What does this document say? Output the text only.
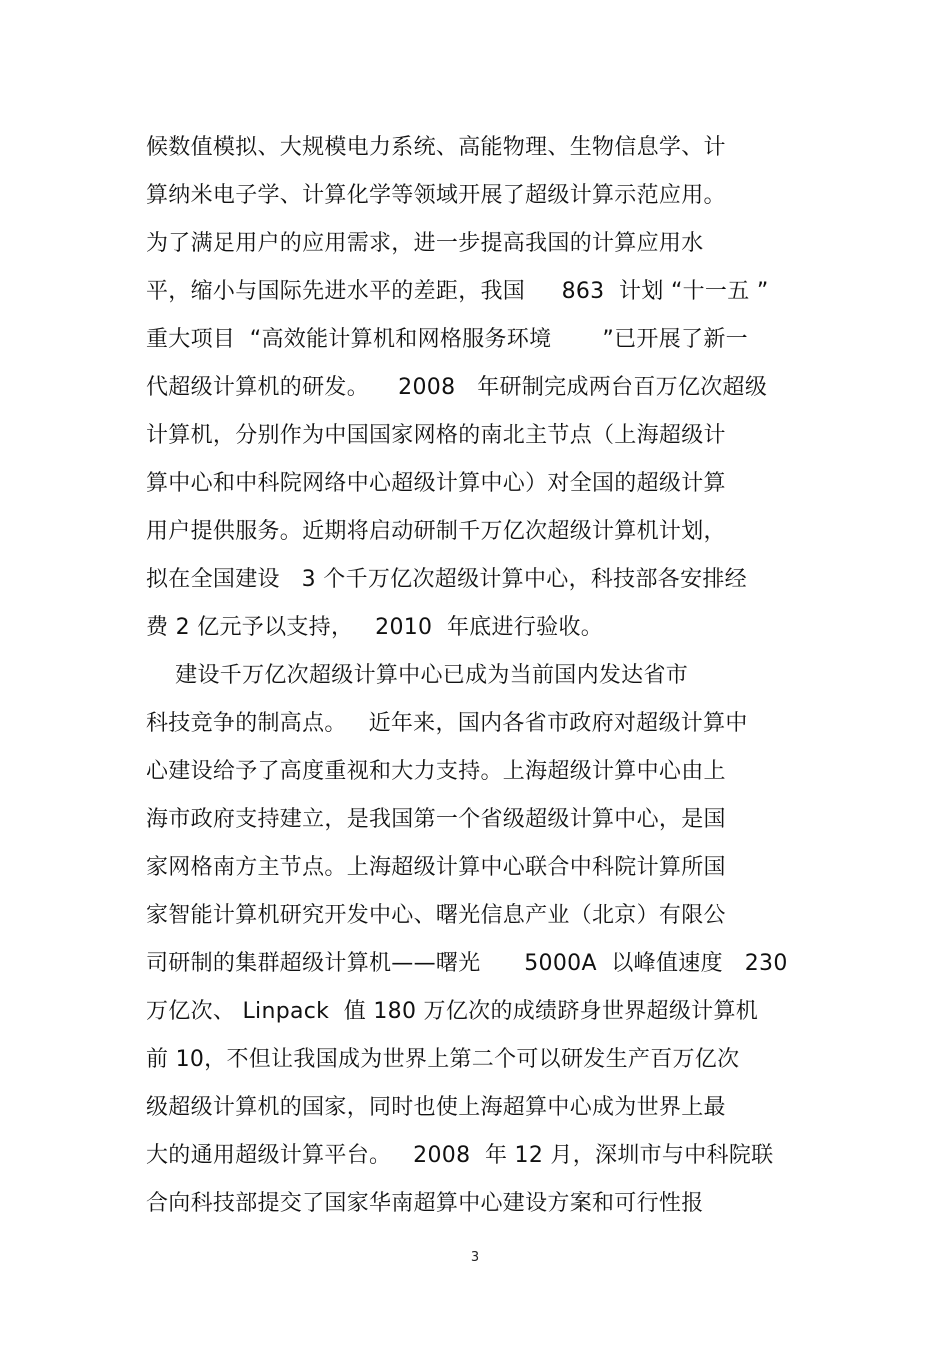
候数值模拟、大规模电力系统、高能物理、生物信息学、计
算纳米电子学、计算化学等领域开展了超级计算示范应用。
为了满足用户的应用需求，进一步提高我国的计算应用水
平，缩小与国际先进水平的差距，我国     863  计划 “十一五 ”
重大项目  “高效能计算机和网格服务环境       ”已开展了新一
代超级计算机的研发。    2008   年研制完成两台百万亿次超级
计算机，分别作为中国国家网格的南北主节点（上海超级计
算中心和中科院网络中心超级计算中心）对全国的超级计算
用户提供服务。近期将启动研制千万亿次超级计算机计划，
拟在全国建设   3 个千万亿次超级计算中心，科技部各安排经
费 2 亿元予以支持，   2010  年底进行验收。
建设千万亿次超级计算中心已成为当前国内发达省市
科技竞争的制高点。   近年来，国内各省市政府对超级计算中
心建设给予了高度重视和大力支持。上海超级计算中心由上
海市政府支持建立，是我国第一个省级超级计算中心，是国
家网格南方主节点。上海超级计算中心联合中科院计算所国
家智能计算机研究开发中心、曙光信息产业（北京）有限公
司研制的集群超级计算机——曙光      5000A  以峰值速度   230
万亿次、 Linpack  值 180 万亿次的成绩跻身世界超级计算机
前 10，不但让我国成为世界上第二个可以研发生产百万亿次
级超级计算机的国家，同时也使上海超算中心成为世界上最
大的通用超级计算平台。   2008  年 12 月，深圳市与中科院联
合向科技部提交了国家华南超算中心建设方案和可行性报
3
